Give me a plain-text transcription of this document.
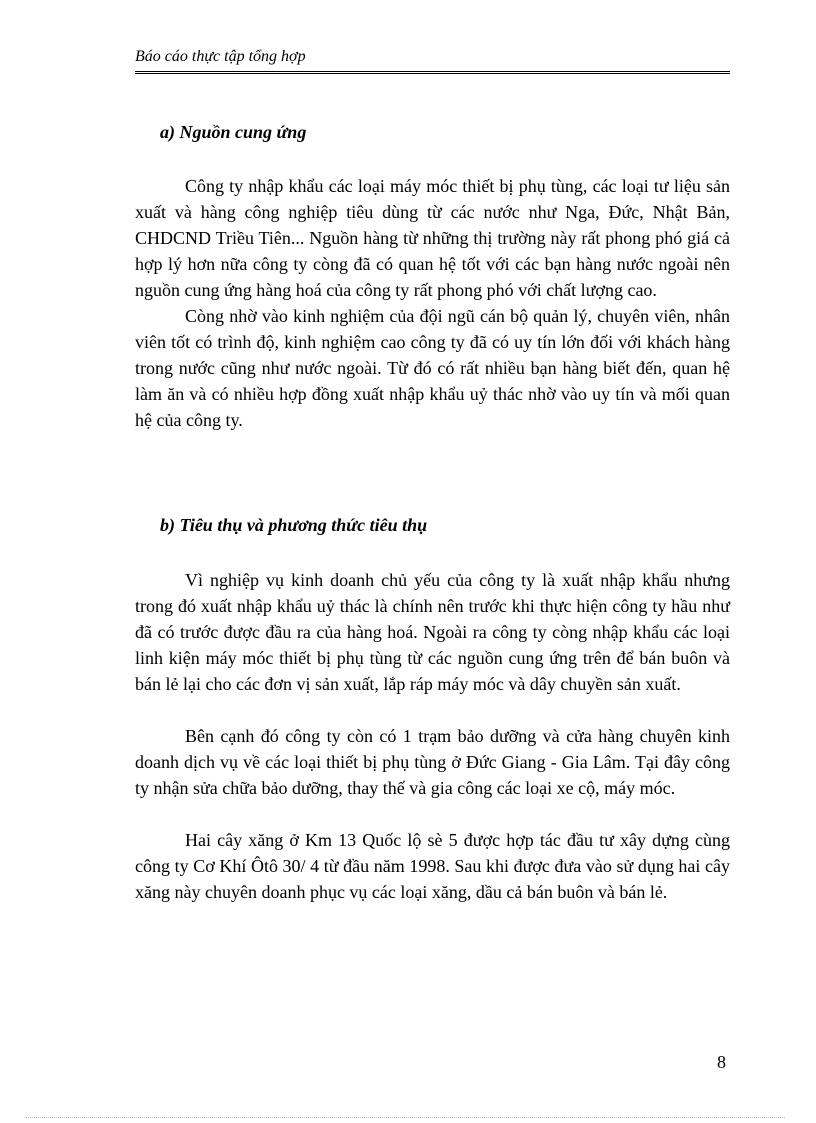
Báo cáo thực tập tổng hợp
a) Nguồn cung ứng

Công ty nhập khẩu các loại máy móc thiết bị phụ tùng, các loại tư liệu sản xuất và hàng công nghiệp tiêu dùng từ các nước như Nga, Đức, Nhật Bản, CHDCND Triều Tiên... Nguồn hàng từ những thị trường này rất phong phó giá cả hợp lý hơn nữa công ty còng đã có quan hệ tốt với các bạn hàng nước ngoài nên nguồn cung ứng hàng hoá của công ty rất phong phó với chất lượng cao.

Còng nhờ vào kinh nghiệm của đội ngũ cán bộ quản lý, chuyên viên, nhân viên tốt có trình độ, kinh nghiệm cao công ty đã có uy tín lớn đối với khách hàng trong nước cũng như nước ngoài. Từ đó có rất nhiều bạn hàng biết đến, quan hệ làm ăn và có nhiều hợp đồng xuất nhập khẩu uỷ thác nhờ vào uy tín và mối quan hệ của công ty.

b) Tiêu thụ và phương thức tiêu thụ

Vì nghiệp vụ kinh doanh chủ yếu của công ty là xuất nhập khẩu nhưng trong đó xuất nhập khẩu uỷ thác là chính nên trước khi thực hiện công ty hầu như đã có trước được đầu ra của hàng hoá. Ngoài ra công ty còng nhập khẩu các loại linh kiện máy móc thiết bị phụ tùng từ các nguồn cung ứng trên để bán buôn và bán lẻ lại cho các đơn vị sản xuất, lắp ráp máy móc và dây chuyền sản xuất.

Bên cạnh đó công ty còn có 1 trạm bảo dưỡng và cửa hàng chuyên kinh doanh dịch vụ về các loại thiết bị phụ tùng ở Đức Giang - Gia Lâm. Tại đây công ty nhận sửa chữa bảo dưỡng, thay thế và gia công các loại xe cộ, máy móc.

Hai cây xăng ở Km 13 Quốc lộ sè 5 được hợp tác đầu tư xây dựng cùng công ty Cơ Khí Ôtô 30/ 4 từ đầu năm 1998. Sau khi được đưa vào sử dụng hai cây xăng này chuyên doanh phục vụ các loại xăng, dầu cả bán buôn và bán lẻ.

8
